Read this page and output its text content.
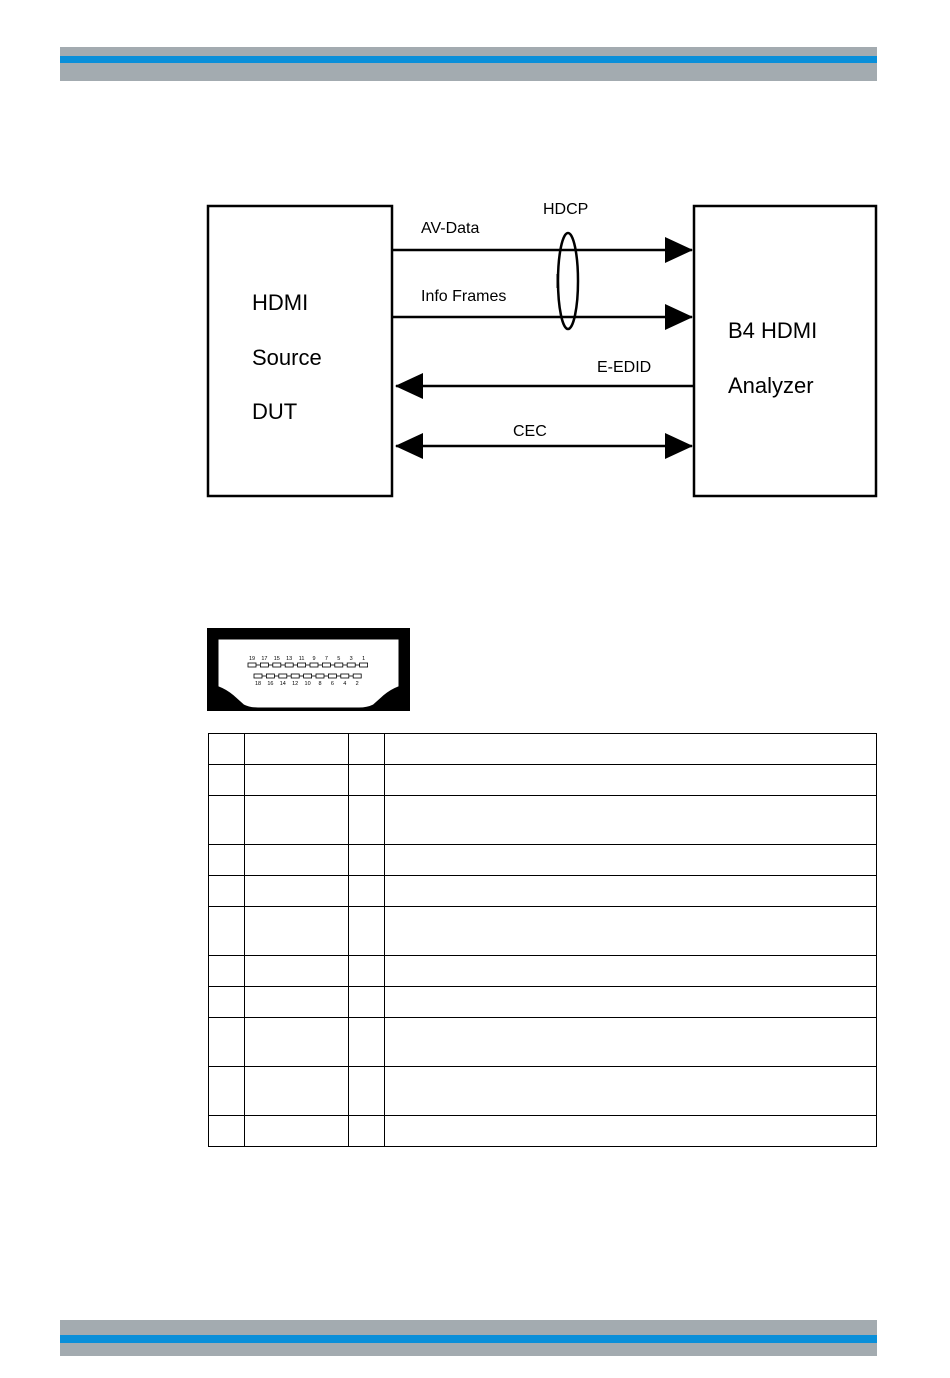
HDMI
Source
DUT
B4 HDMI
Analyzer
AV-Data
Info Frames
HDCP
E-EDID
CEC
19 17 15 13 11 9 7 5 3 1
18 16 14 12 10 8 6 4 2
